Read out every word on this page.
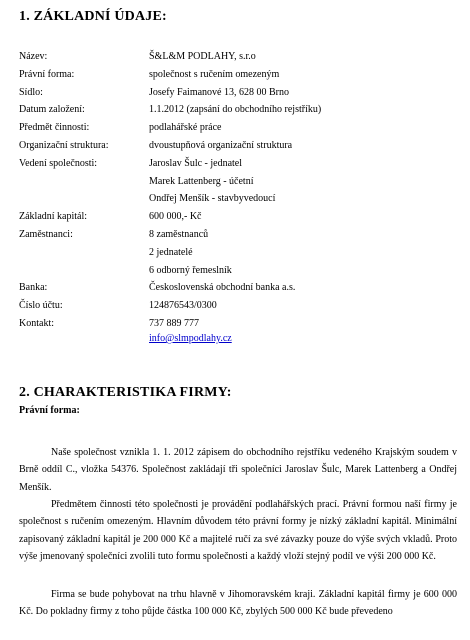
1. ZÁKLADNÍ ÚDAJE:
Název:	Š&L&M PODLAHY, s.r.o
Právní forma:	společnost s ručením omezeným
Sídlo:	Josefy Faimanové 13, 628 00 Brno
Datum založení:	1.1.2012 (zapsání do obchodního rejstříku)
Předmět činnosti:	podlahářské práce
Organizační struktura:	dvoustupňová organizační struktura
Vedení společnosti:	Jaroslav Šulc - jednatel
Marek Lattenberg - účetní
Ondřej Menšík - stavbyvedoucí
Základní kapitál:	600 000,- Kč
Zaměstnanci:	8 zaměstnanců
2 jednatelé
6 odborný řemeslník
Banka:	Československá obchodní banka a.s.
Číslo účtu:	124876543/0300
Kontakt:	737 889 777
info@slmpodlahy.cz
2. CHARAKTERISTIKA FIRMY:
Právní forma:

Naše společnost vznikla 1. 1. 2012 zápisem do obchodního rejstříku vedeného Krajským soudem v Brně oddíl C., vložka 54376. Společnost zakládají tři společníci Jaroslav Šulc, Marek Lattenberg a Ondřej Menšík.

Předmětem činnosti této společnosti je provádění podlahářských prací. Právní formou naší firmy je společnost s ručením omezeným. Hlavním důvodem této právní formy je nízký základní kapitál. Minimální zapisovaný základní kapitál je 200 000 Kč a majitelé ručí za své závazky pouze do výše svých vkladů. Proto výše jmenovaný společníci zvolili tuto formu společnosti a každý vloží stejný podíl ve výši 200 000 Kč.

Firma se bude pohybovat na trhu hlavně v Jihomoravském kraji. Základní kapitál firmy je 600 000 Kč. Do pokladny firmy z toho půjde částka 100 000 Kč, zbylých 500 000 Kč bude převedeno
